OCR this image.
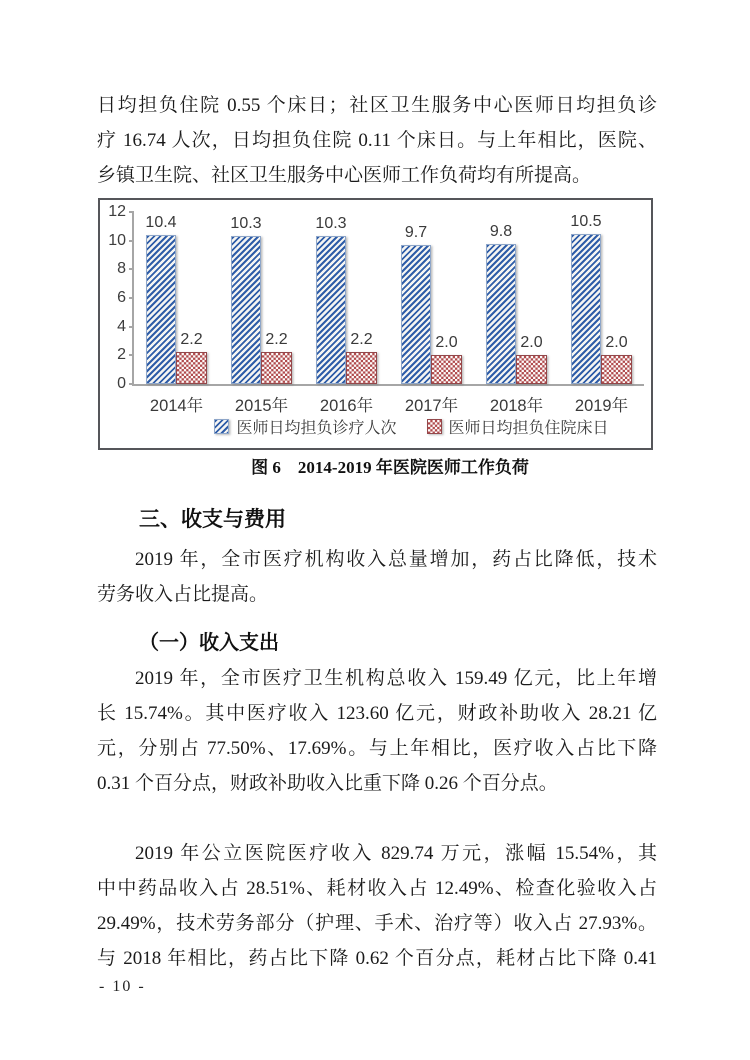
日均担负住院 0.55 个床日；社区卫生服务中心医师日均担负诊
疗 16.74 人次，日均担负住院 0.11 个床日。与上年相比，医院、
乡镇卫生院、社区卫生服务中心医师工作负荷均有所提高。
10.4
2.2
10.3
2.2
10.3
2.2
9.7
2.0
9.8
2.0
10.5
2.0
医师日均担负诊疗人次	医师日均担负住院床日
0
2
4
6
8
10
12
2014年	2015年	2016年	2017年	2018年	2019年
图 6　2014-2019 年医院医师工作负荷
三、收支与费用
2019 年，全市医疗机构收入总量增加，药占比降低，技术
劳务收入占比提高。
（一）收入支出
2019 年，全市医疗卫生机构总收入 159.49 亿元，比上年增
长 15.74%。其中医疗收入 123.60 亿元，财政补助收入 28.21 亿
元，分别占 77.50%、17.69%。与上年相比，医疗收入占比下降
0.31 个百分点，财政补助收入比重下降 0.26 个百分点。
2019 年公立医院医疗收入 829.74 万元，涨幅 15.54%，其
中中药品收入占 28.51%、耗材收入占 12.49%、检查化验收入占
29.49%，技术劳务部分（护理、手术、治疗等）收入占 27.93%。
与 2018 年相比，药占比下降 0.62 个百分点，耗材占比下降 0.41
- 10 -
